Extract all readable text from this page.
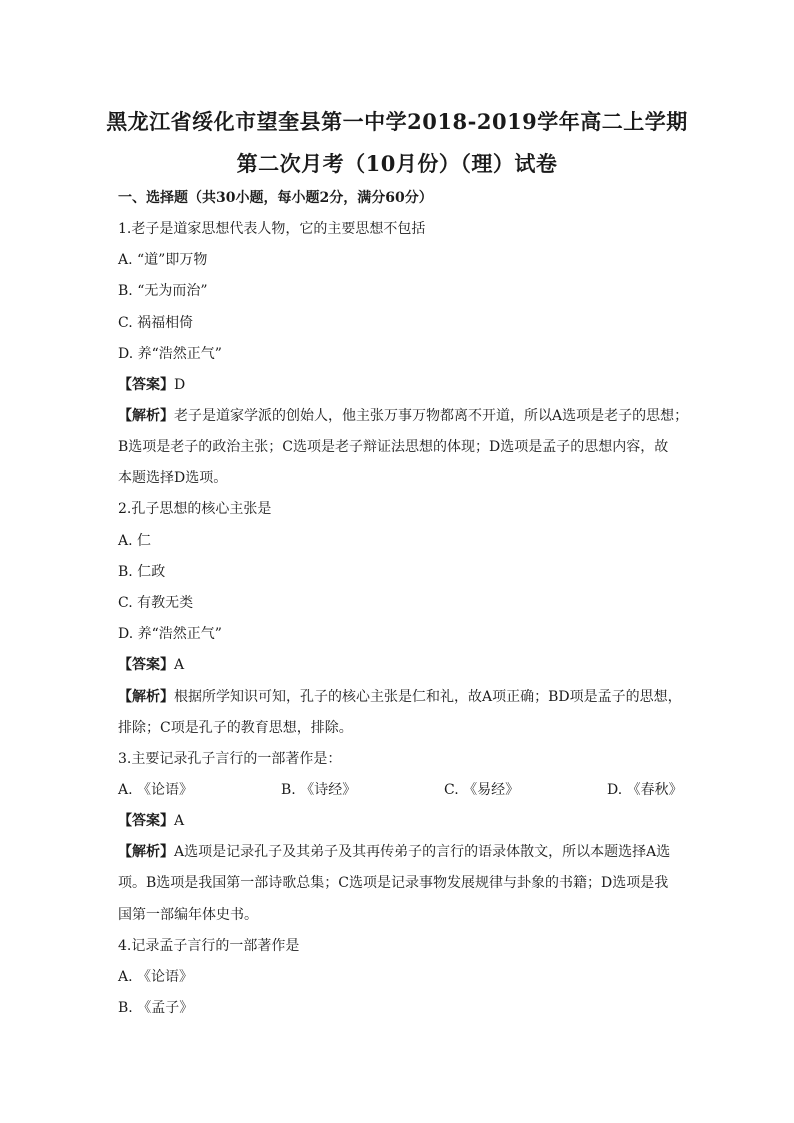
黑龙江省绥化市望奎县第一中学2018-2019学年高二上学期
第二次月考（10月份）（理）试卷
一、选择题（共30小题，每小题2分，满分60分）
1.老子是道家思想代表人物，它的主要思想不包括
A. “道”即万物
B. “无为而治”
C. 祸福相倚
D. 养“浩然正气”
【答案】D
【解析】老子是道家学派的创始人，他主张万事万物都离不开道，所以A选项是老子的思想；
B选项是老子的政治主张；C选项是老子辩证法思想的体现；D选项是孟子的思想内容，故
本题选择D选项。
2.孔子思想的核心主张是
A. 仁
B. 仁政
C. 有教无类
D. 养“浩然正气”
【答案】A
【解析】根据所学知识可知，孔子的核心主张是仁和礼，故A项正确；BD项是孟子的思想，
排除；C项是孔子的教育思想，排除。
3.主要记录孔子言行的一部著作是：
A. 《论语》	B. 《诗经》	C. 《易经》	D. 《春秋》
【答案】A
【解析】A选项是记录孔子及其弟子及其再传弟子的言行的语录体散文，所以本题选择A选
项。B选项是我国第一部诗歌总集；C选项是记录事物发展规律与卦象的书籍；D选项是我
国第一部编年体史书。
4.记录孟子言行的一部著作是
A. 《论语》
B. 《孟子》
